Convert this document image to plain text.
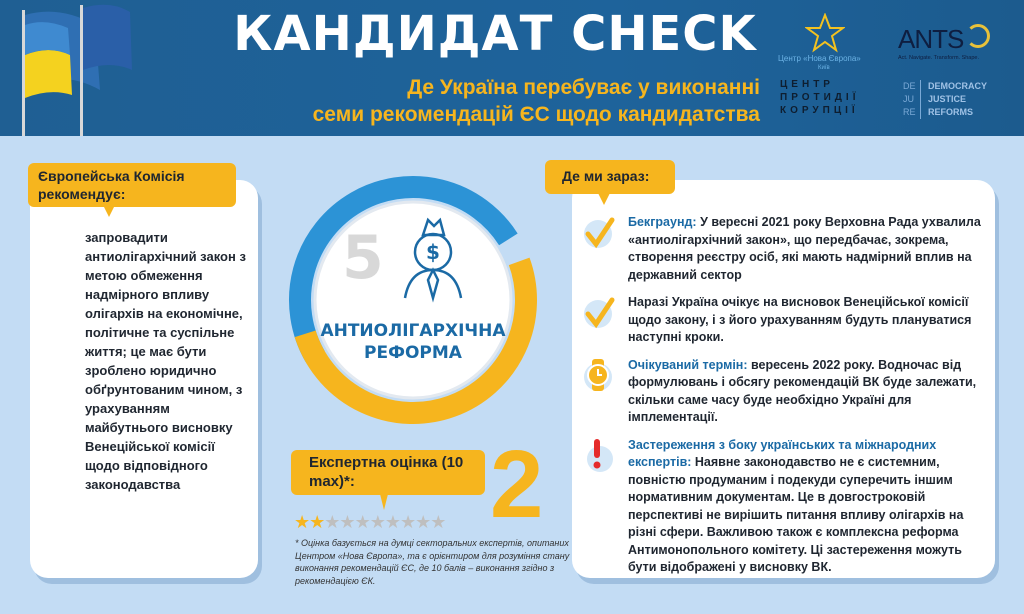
КАНДИДАТ CHECK
Де Україна перебуває у виконанні
семи рекомендацій ЄС щодо кандидатства
Центр «Нова Європа»
Київ
ЦЕНТР
ПРОТИДІЇ
КОРУПЦІЇ
ANTS
Act. Navigate. Transform. Shape.
DE
JU
RE
DEMOCRACY
JUSTICE
REFORMS
Європейська Комісія рекомендує:
запровадити антиолігархічний закон з метою обмеження надмірного впливу олігархів на економічне, політичне та суспільне життя; це має бути зроблено юридично обґрунтованим чином, з урахуванням майбутнього висновку Венеційської комісії щодо відповідного законодавства
$
5
АНТИОЛІГАРХІЧНА
РЕФОРМА
Експертна оцінка (10 max)*:	2
★★★★★★★★★★
* Оцінка базується на думці секторальних експертів, опитаних Центром «Нова Європа», та є орієнтиром для розуміння стану виконання рекомендацій ЄС, де 10 балів – виконання згідно з рекомендацією ЄК.
Де ми зараз:
Бекграунд: У вересні 2021 року Верховна Рада ухвалила «антиолігархічний закон», що передбачає, зокрема, створення реєстру осіб, які мають надмірний вплив на державний сектор
Наразі Україна очікує на висновок Венеційської комісії щодо закону, і з його урахуванням будуть плануватися наступні кроки.
Очікуваний термін: вересень 2022 року. Водночас від формулювань і обсягу рекомендацій ВК буде залежати, скільки саме часу буде необхідно Україні для імплементації.
Застереження з боку українських та міжнародних експертів: Наявне законодавство не є системним, повністю продуманим і подекуди суперечить іншим нормативним документам. Це в довгостроковій перспективі не вирішить питання впливу олігархів на різні сфери. Важливою також є комплексна реформа Антимонопольного комітету. Ці застереження можуть бути відображені у висновку ВК.
